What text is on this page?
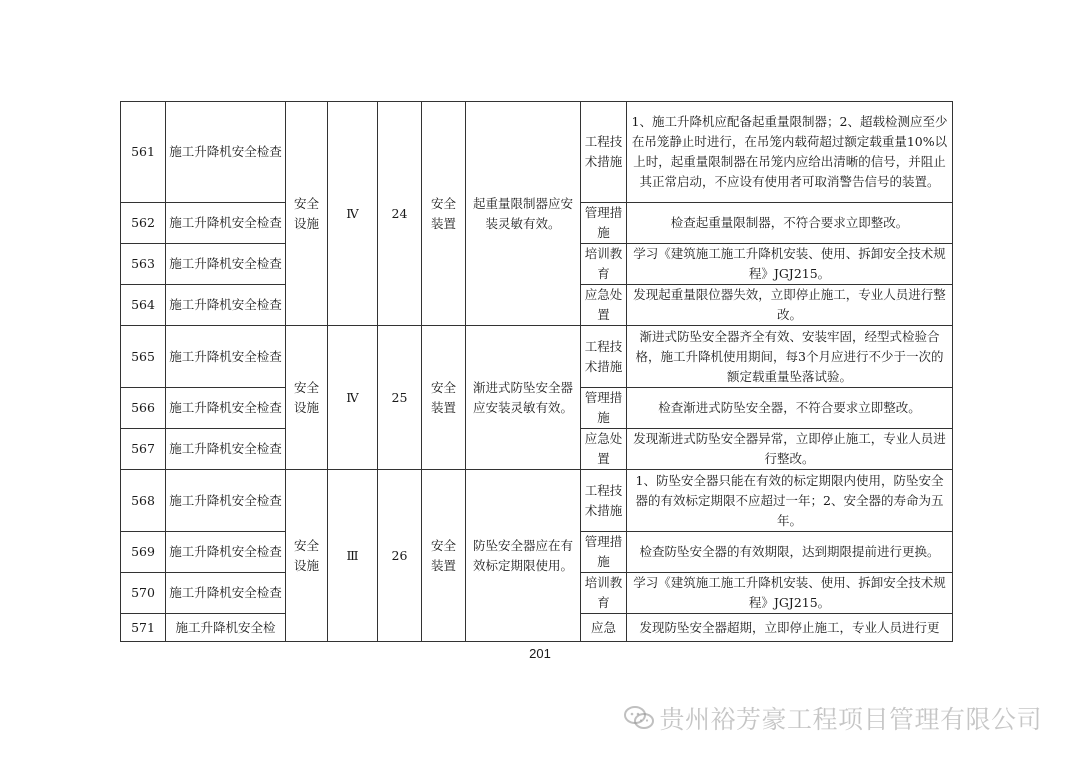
561	施工升降机安全检查	安全设施	Ⅳ	24	安全装置	起重量限制器应安装灵敏有效。	工程技术措施	1、施工升降机应配备起重量限制器；2、超载检测应至少在吊笼静止时进行，在吊笼内载荷超过额定载重量10%以上时，起重量限制器在吊笼内应给出清晰的信号，并阻止其正常启动，不应设有使用者可取消警告信号的装置。
562	施工升降机安全检查						管理措施	检查起重量限制器，不符合要求立即整改。
563	施工升降机安全检查						培训教育	学习《建筑施工施工升降机安装、使用、拆卸安全技术规程》JGJ215。
564	施工升降机安全检查						应急处置	发现起重量限位器失效，立即停止施工，专业人员进行整改。
565	施工升降机安全检查	安全设施	Ⅳ	25	安全装置	渐进式防坠安全器应安装灵敏有效。	工程技术措施	渐进式防坠安全器齐全有效、安装牢固，经型式检验合格，施工升降机使用期间，每3个月应进行不少于一次的额定载重量坠落试验。
566	施工升降机安全检查						管理措施	检查渐进式防坠安全器，不符合要求立即整改。
567	施工升降机安全检查						应急处置	发现渐进式防坠安全器异常，立即停止施工，专业人员进行整改。
568	施工升降机安全检查	安全设施	Ⅲ	26	安全装置	防坠安全器应在有效标定期限使用。	工程技术措施	1、防坠安全器只能在有效的标定期限内使用，防坠安全器的有效标定期限不应超过一年；2、安全器的寿命为五年。
569	施工升降机安全检查						管理措施	检查防坠安全器的有效期限，达到期限提前进行更换。
570	施工升降机安全检查						培训教育	学习《建筑施工施工升降机安装、使用、拆卸安全技术规程》JGJ215。
571	施工升降机安全检						应急	发现防坠安全器超期，立即停止施工，专业人员进行更
201
贵州裕芳豪工程项目管理有限公司
